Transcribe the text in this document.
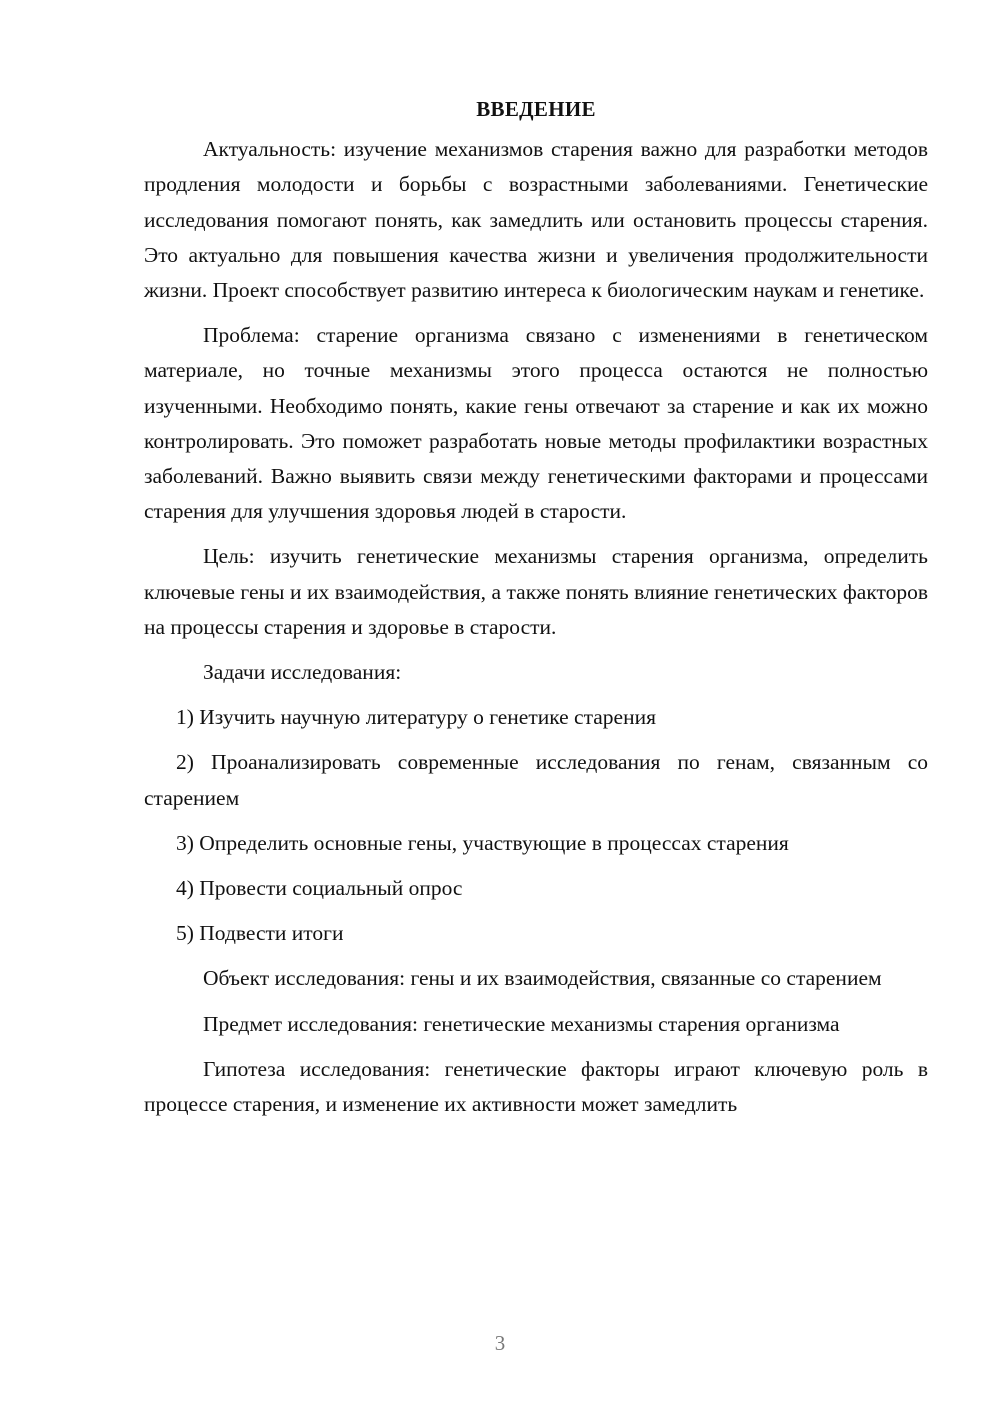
ВВЕДЕНИЕ

Актуальность: изучение механизмов старения важно для разработки методов продления молодости и борьбы с возрастными заболеваниями. Генетические исследования помогают понять, как замедлить или остановить процессы старения. Это актуально для повышения качества жизни и увеличения продолжительности жизни. Проект способствует развитию интереса к биологическим наукам и генетике.

Проблема: старение организма связано с изменениями в генетическом материале, но точные механизмы этого процесса остаются не полностью изученными. Необходимо понять, какие гены отвечают за старение и как их можно контролировать. Это поможет разработать новые методы профилактики возрастных заболеваний. Важно выявить связи между генетическими факторами и процессами старения для улучшения здоровья людей в старости.

Цель: изучить генетические механизмы старения организма, определить ключевые гены и их взаимодействия, а также понять влияние генетических факторов на процессы старения и здоровье в старости.

Задачи исследования:

1) Изучить научную литературу о генетике старения

2) Проанализировать современные исследования по генам, связанным со старением

3) Определить основные гены, участвующие в процессах старения

4) Провести социальный опрос

5) Подвести итоги

Объект исследования: гены и их взаимодействия, связанные со старением

Предмет исследования: генетические механизмы старения организма

Гипотеза исследования: генетические факторы играют ключевую роль в процессе старения, и изменение их активности может замедлить

3
